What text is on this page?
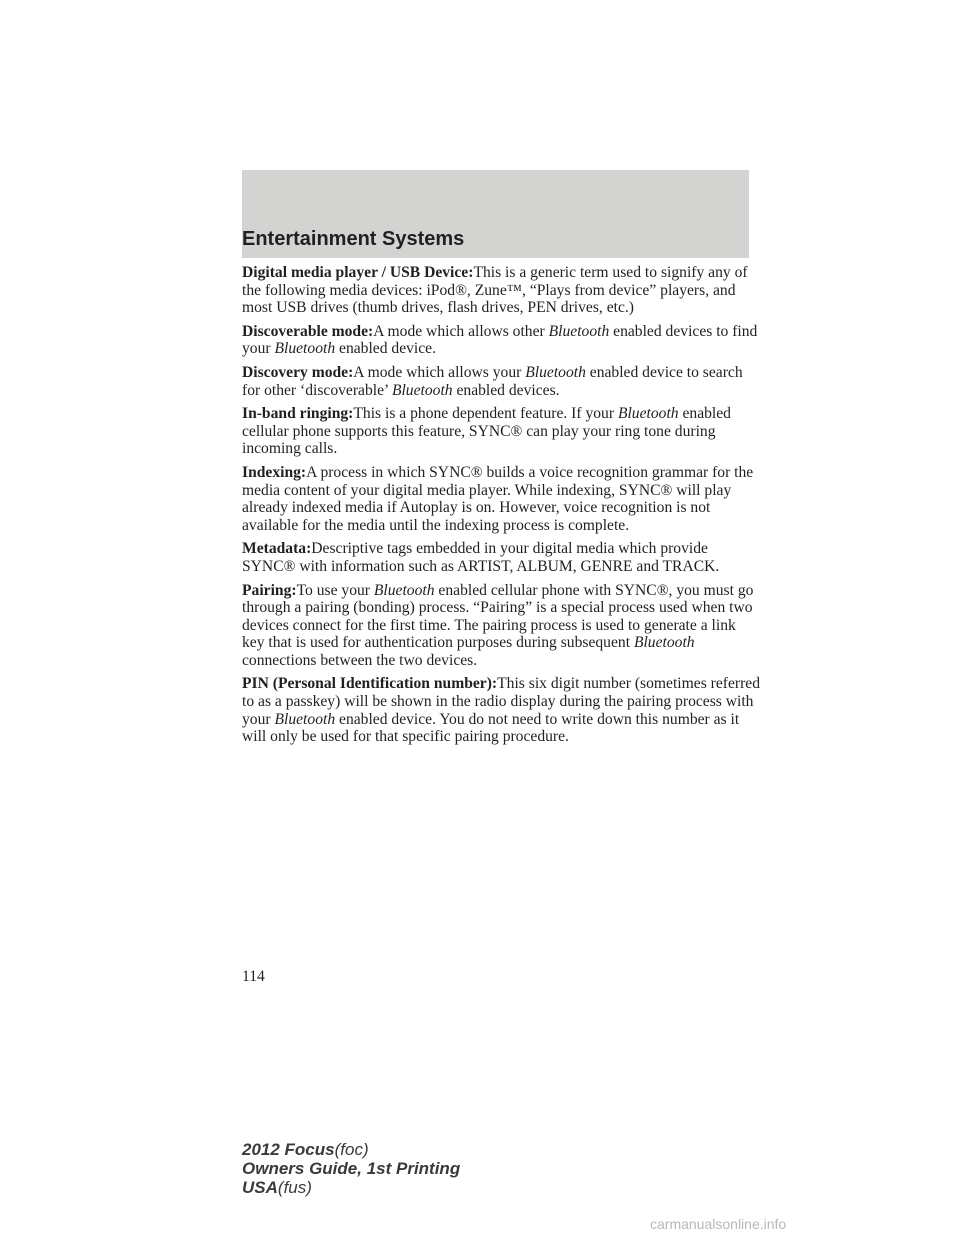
Entertainment Systems

Digital media player / USB Device:This is a generic term used to signify any of the following media devices: iPod®, Zune™, “Plays from device” players, and most USB drives (thumb drives, flash drives, PEN drives, etc.)

Discoverable mode:A mode which allows other Bluetooth enabled devices to find your Bluetooth enabled device.

Discovery mode:A mode which allows your Bluetooth enabled device to search for other ‘discoverable’ Bluetooth enabled devices.

In-band ringing:This is a phone dependent feature. If your Bluetooth enabled cellular phone supports this feature, SYNC® can play your ring tone during incoming calls.

Indexing:A process in which SYNC® builds a voice recognition grammar for the media content of your digital media player. While indexing, SYNC® will play already indexed media if Autoplay is on. However, voice recognition is not available for the media until the indexing process is complete.

Metadata:Descriptive tags embedded in your digital media which provide SYNC® with information such as ARTIST, ALBUM, GENRE and TRACK.

Pairing:To use your Bluetooth enabled cellular phone with SYNC®, you must go through a pairing (bonding) process. “Pairing” is a special process used when two devices connect for the first time. The pairing process is used to generate a link key that is used for authentication purposes during subsequent Bluetooth connections between the two devices.

PIN (Personal Identification number):This six digit number (sometimes referred to as a passkey) will be shown in the radio display during the pairing process with your Bluetooth enabled device. You do not need to write down this number as it will only be used for that specific pairing procedure.

114
2012 Focus(foc)
Owners Guide, 1st Printing
USA(fus)
carmanualsonline.info
